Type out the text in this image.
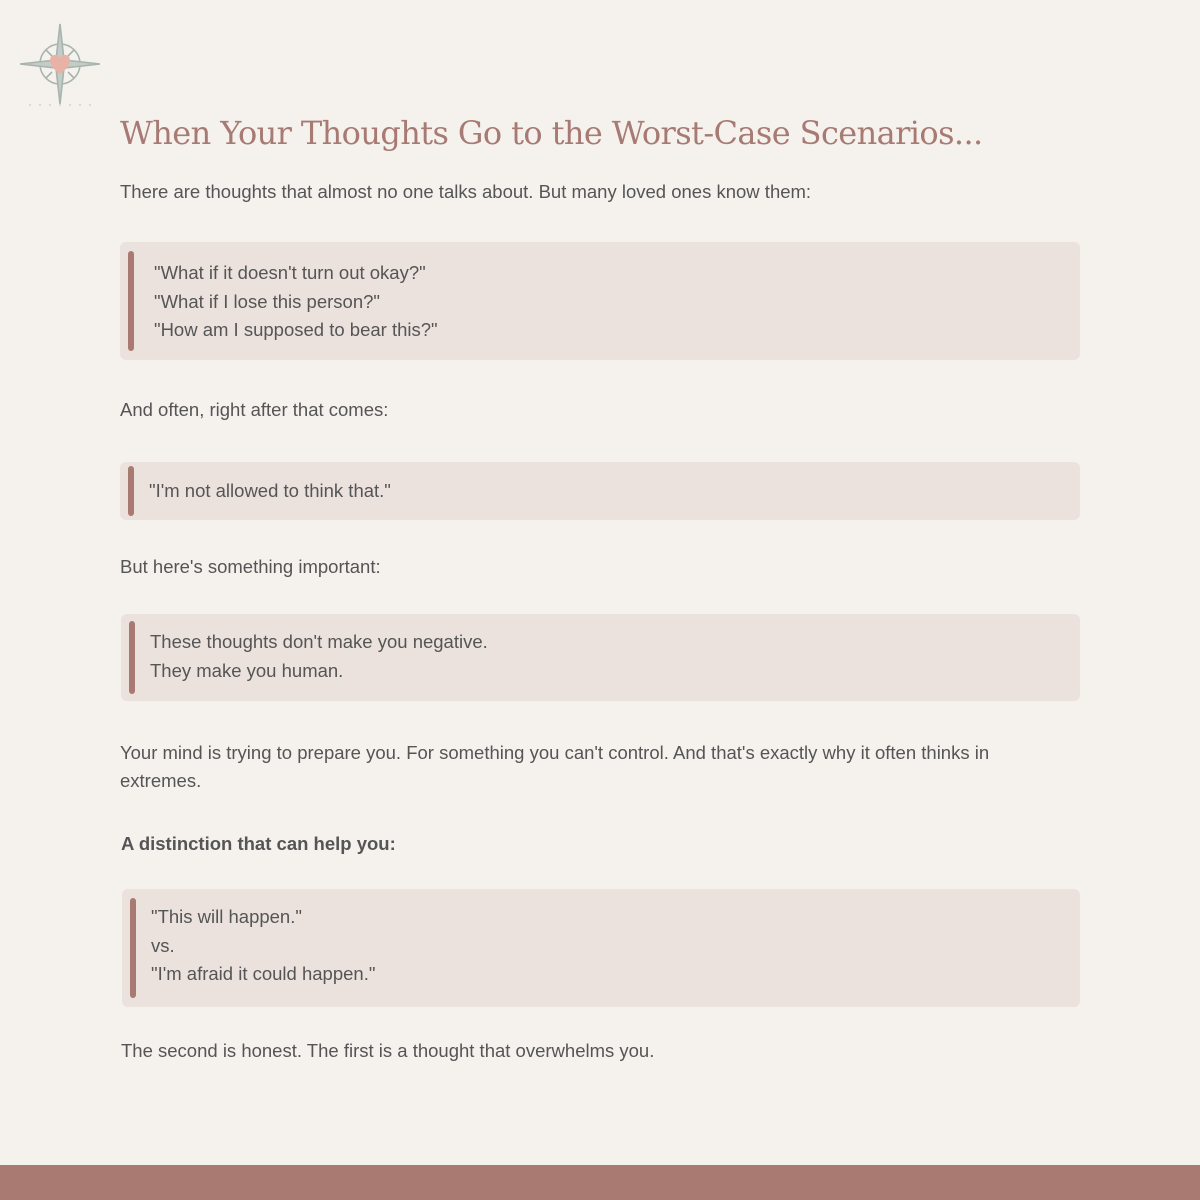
When Your Thoughts Go to the Worst-Case Scenarios...

There are thoughts that almost no one talks about. But many loved ones know them:

"What if it doesn't turn out okay?"
"What if I lose this person?"
"How am I supposed to bear this?"

And often, right after that comes:

"I'm not allowed to think that."

But here's something important:

These thoughts don't make you negative.
They make you human.

Your mind is trying to prepare you. For something you can't control. And that's exactly why it often thinks in extremes.

A distinction that can help you:

"This will happen."
vs.
"I'm afraid it could happen."

The second is honest. The first is a thought that overwhelms you.
